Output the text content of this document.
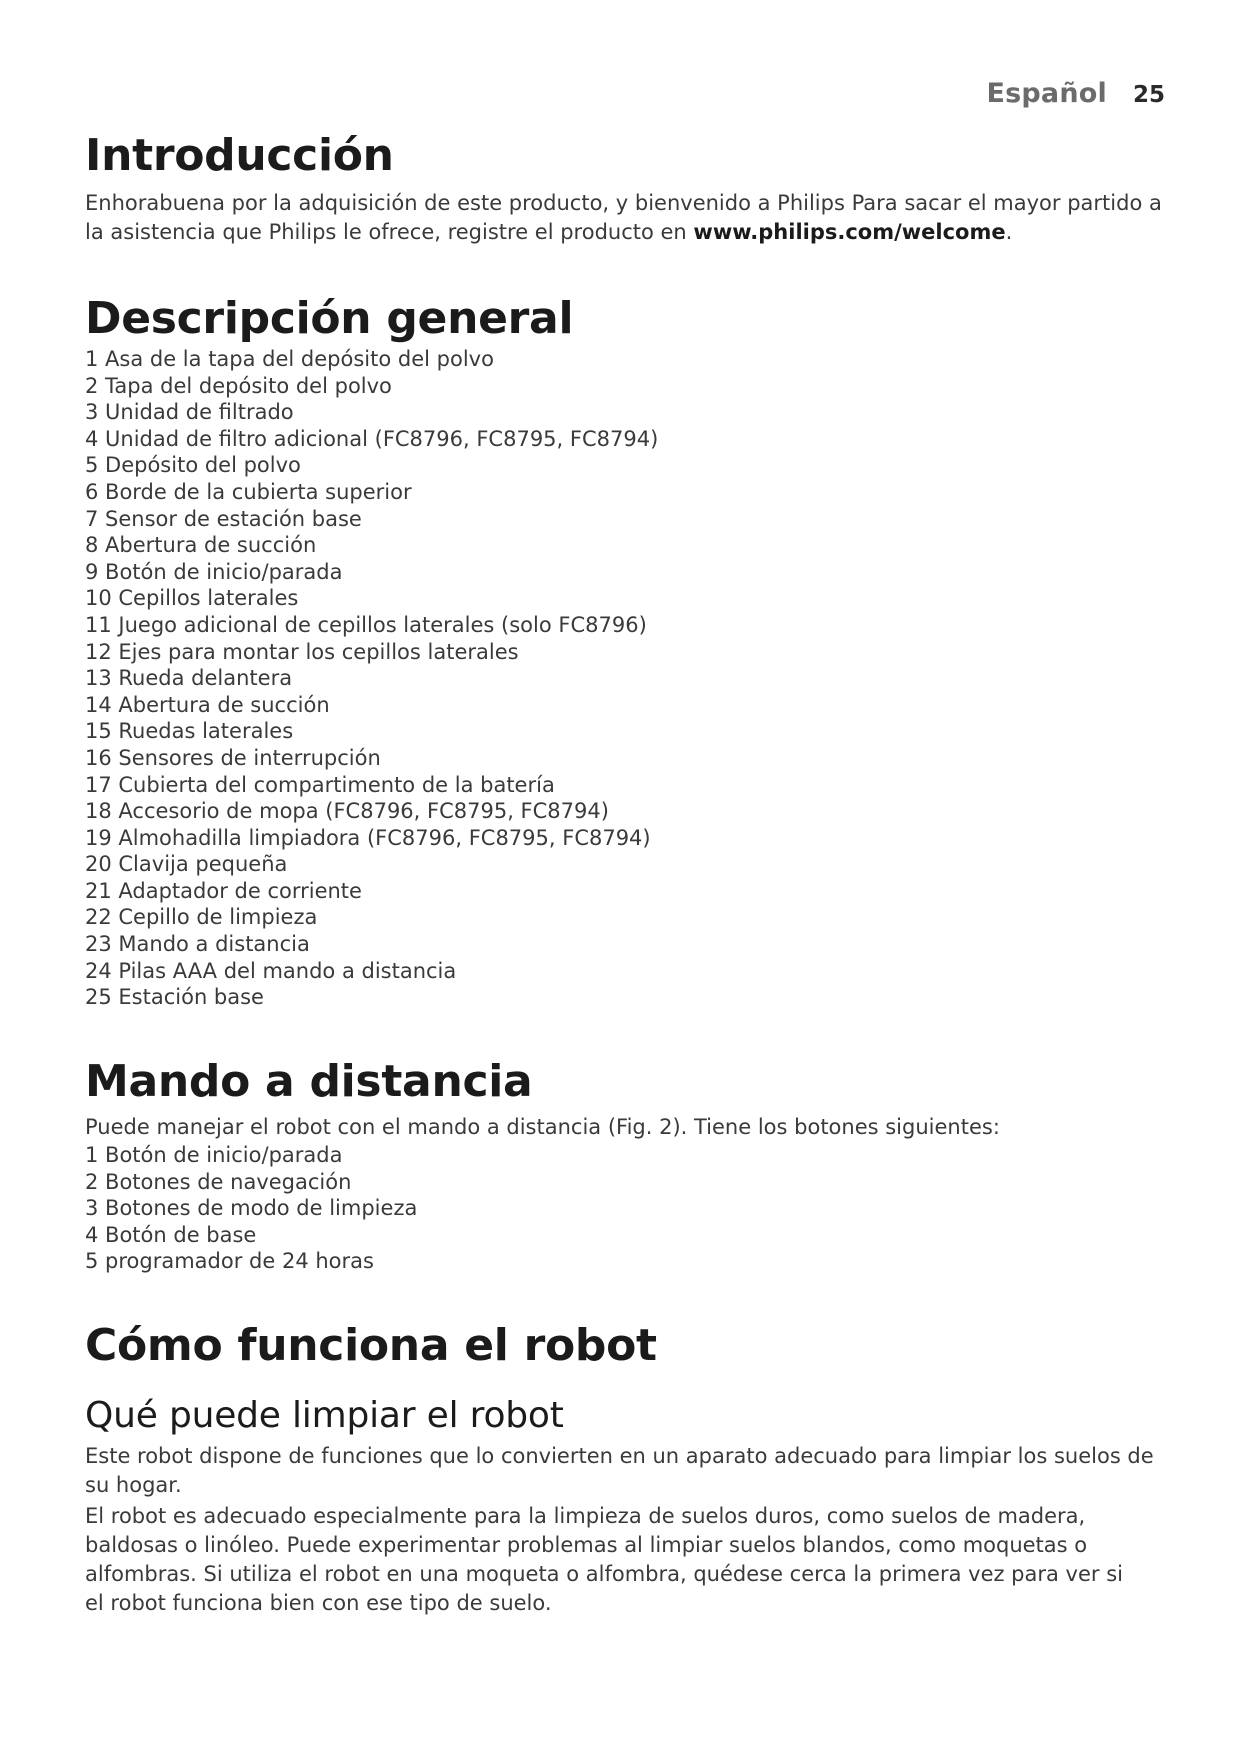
Español 25
Introducción

Enhorabuena por la adquisición de este producto, y bienvenido a Philips Para sacar el mayor partido a la asistencia que Philips le ofrece, registre el producto en www.philips.com/welcome.

Descripción general
1 Asa de la tapa del depósito del polvo
2 Tapa del depósito del polvo
3 Unidad de filtrado
4 Unidad de filtro adicional (FC8796, FC8795, FC8794)
5 Depósito del polvo
6 Borde de la cubierta superior
7 Sensor de estación base
8 Abertura de succión
9 Botón de inicio/parada
10 Cepillos laterales
11 Juego adicional de cepillos laterales (solo FC8796)
12 Ejes para montar los cepillos laterales
13 Rueda delantera
14 Abertura de succión
15 Ruedas laterales
16 Sensores de interrupción
17 Cubierta del compartimento de la batería
18 Accesorio de mopa (FC8796, FC8795, FC8794)
19 Almohadilla limpiadora (FC8796, FC8795, FC8794)
20 Clavija pequeña
21 Adaptador de corriente
22 Cepillo de limpieza
23 Mando a distancia
24 Pilas AAA del mando a distancia
25 Estación base
Mando a distancia

Puede manejar el robot con el mando a distancia (Fig. 2). Tiene los botones siguientes:

1 Botón de inicio/parada
2 Botones de navegación
3 Botones de modo de limpieza
4 Botón de base
5 programador de 24 horas
Cómo funciona el robot
Qué puede limpiar el robot

Este robot dispone de funciones que lo convierten en un aparato adecuado para limpiar los suelos de su hogar.

El robot es adecuado especialmente para la limpieza de suelos duros, como suelos de madera, baldosas o linóleo. Puede experimentar problemas al limpiar suelos blandos, como moquetas o alfombras. Si utiliza el robot en una moqueta o alfombra, quédese cerca la primera vez para ver si el robot funciona bien con ese tipo de suelo.
